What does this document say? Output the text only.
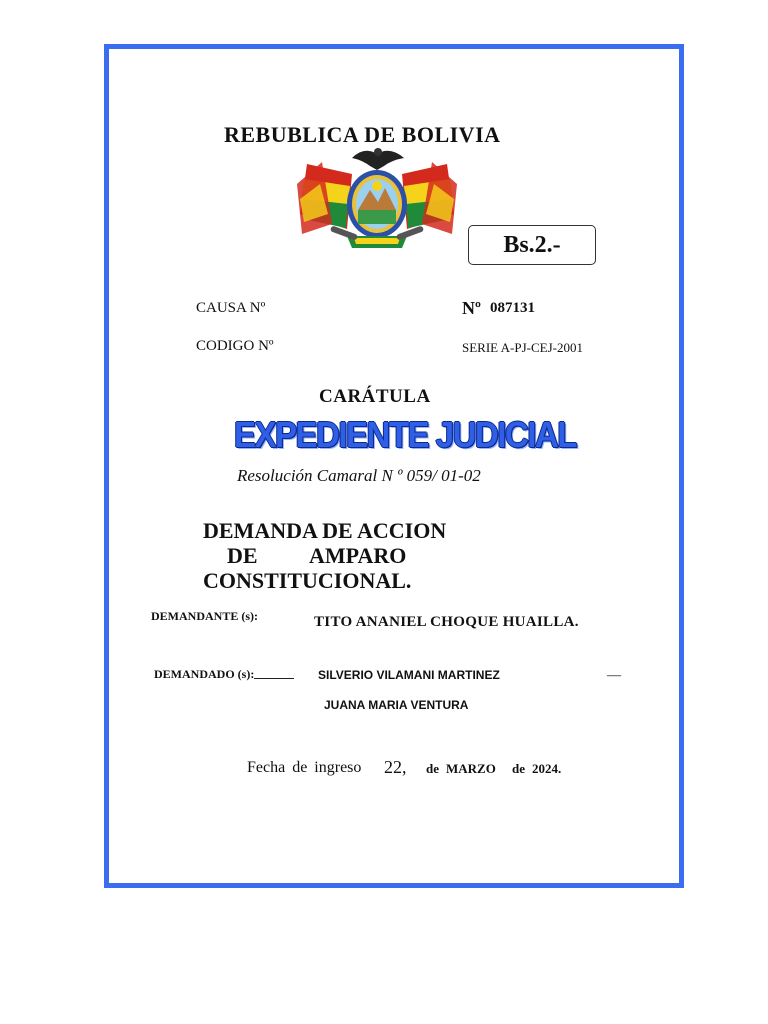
REBUBLICA DE BOLIVIA
Bs.2.-
CAUSA Nº
CODIGO Nº
Nº 087131
SERIE A-PJ-CEJ-2001
CARÁTULA
EXPEDIENTE JUDICIAL
Resolución Camaral N º 059/ 01-02
DEMANDA DE ACCION
DE AMPARO
CONSTITUCIONAL.
DEMANDANTE (s):	TITO ANANIEL CHOQUE HUAILLA.
DEMANDADO (s):	SILVERIO VILAMANI MARTINEZ	—
JUANA MARIA VENTURA
Fecha de ingreso 22, de MARZO de 2024.
